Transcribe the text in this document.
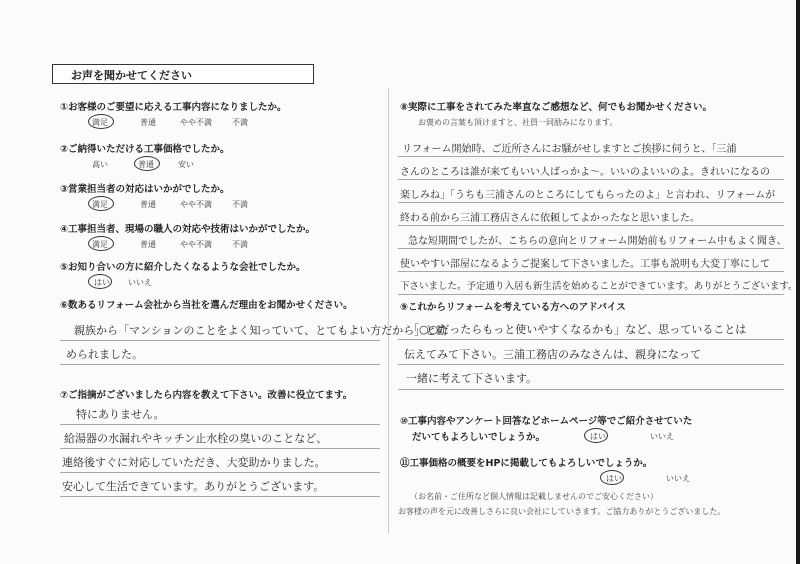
お声を聞かせてください
①お客様のご要望に応える工事内容になりましたか。
満足	普通	やや不満	不満
②ご納得いただける工事価格でしたか。
高い	普通	安い
③営業担当者の対応はいかがでしたか。
満足	普通	やや不満	不満
④工事担当者、現場の職人の対応や技術はいかがでしたか。
満足	普通	やや不満	不満
⑤お知り合いの方に紹介したくなるような会社でしたか。
はい いいえ
⑥数あるリフォーム会社から当社を選んだ理由をお聞かせください。
親族から「マンションのことをよく知っていて、とてもよい方だから」と勧
められました。
⑦ご指摘がございましたら内容を教えて下さい。改善に役立てます。
特にありません。
給湯器の水漏れやキッチン止水栓の臭いのことなど、
連絡後すぐに対応していただき、大変助かりました。
安心して生活できています。ありがとうございます。
⑧実際に工事をされてみた率直なご感想など、何でもお聞かせください。
お褒めの言葉も頂けますと、社員一同励みになります。
リフォーム開始時、ご近所さんにお騒がせしますとご挨拶に伺うと、「三浦
さんのところは誰が来てもいい人ばっかよ～。いいのよいいのよ。きれいになるの
楽しみね」「うちも三浦さんのところにしてもらったのよ」と言われ、リフォームが
終わる前から三浦工務店さんに依頼してよかったなと思いました。
急な短期間でしたが、こちらの意向とリフォーム開始前もリフォーム中もよく聞き、
使いやすい部屋になるようご提案して下さいました。工事も説明も大変丁寧にして
下さいました。予定通り入居も新生活を始めることができています。ありがとうございます。
⑨これからリフォームを考えている方へのアドバイス
「○○だったらもっと使いやすくなるかも」など、思っていることは
伝えてみて下さい。三浦工務店のみなさんは、親身になって
一緒に考えて下さいます。
⑩工事内容やアンケート回答などホームページ等でご紹介させていた
だいてもよろしいでしょうか。	はい	いいえ
⑪工事価格の概要をHPに掲載してもよろしいでしょうか。
はい	いいえ
（お名前・ご住所など個人情報は記載しませんのでご安心ください）
お客様の声を元に改善しさらに良い会社にしていきます。ご協力ありがとうございました。
